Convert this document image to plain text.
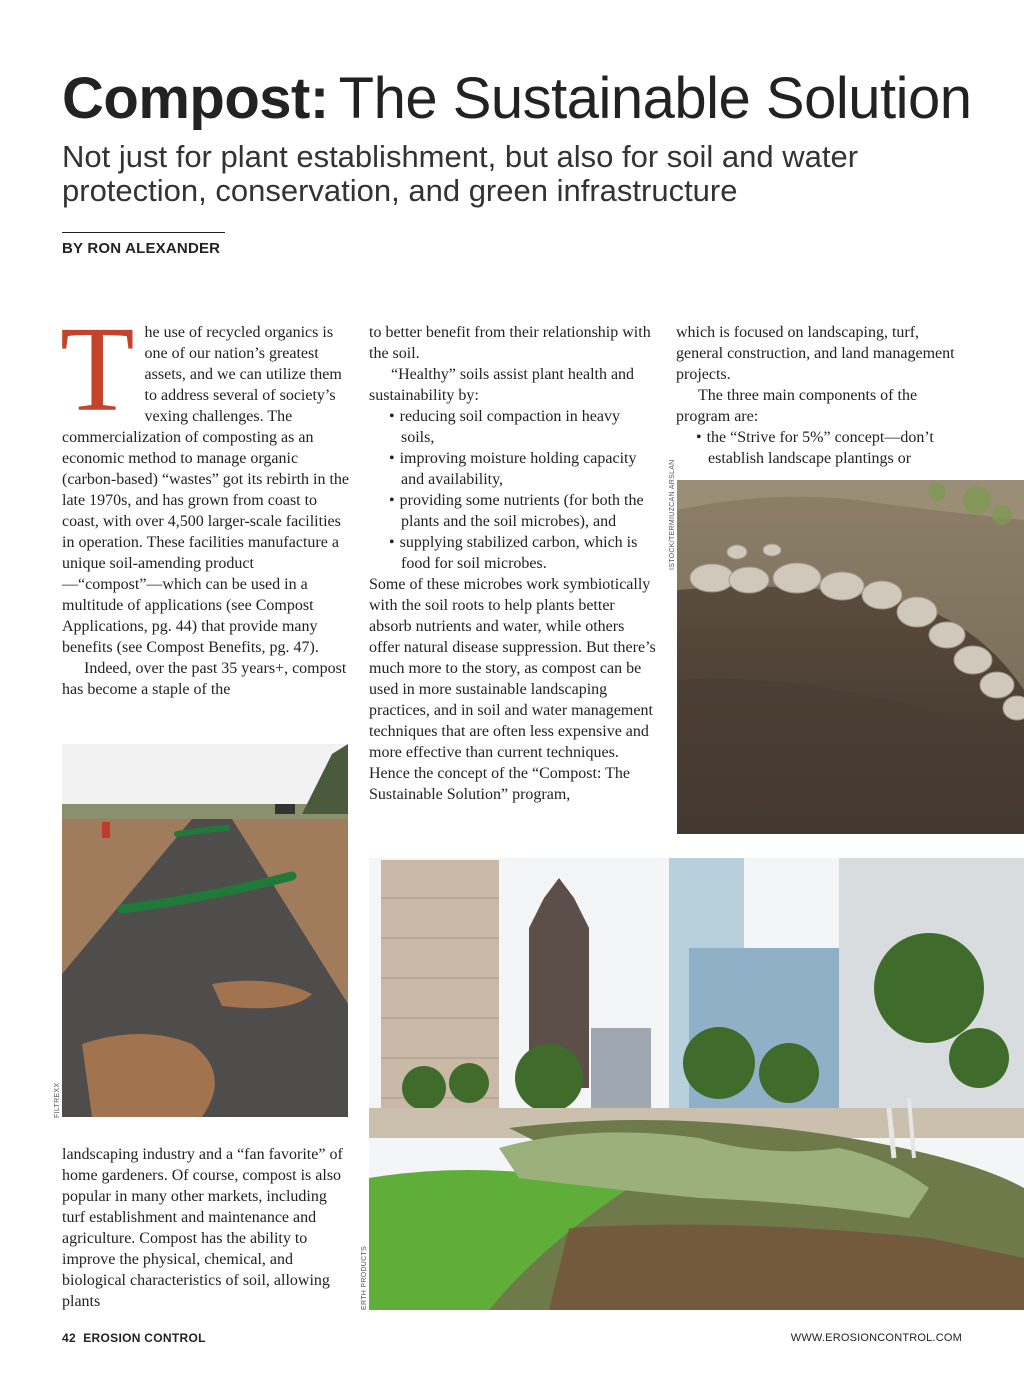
Compost: The Sustainable Solution
Not just for plant establishment, but also for soil and water protection, conservation, and green infrastructure
BY RON ALEXANDER
T he use of recycled organics is one of our nation’s greatest assets, and we can utilize them to address several of society’s vexing challenges. The commercialization of composting as an economic method to manage organic (carbon-based) “wastes” got its rebirth in the late 1970s, and has grown from coast to coast, with over 4,500 larger-scale facilities in operation. These facilities manufacture a unique soil-amending product —“compost”—which can be used in a multitude of applications (see Compost Applications, pg. 44) that provide many benefits (see Compost Benefits, pg. 47).

Indeed, over the past 35 years+, compost has become a staple of the

landscaping industry and a “fan favorite” of home gardeners. Of course, compost is also popular in many other markets, including turf establishment and maintenance and agriculture. Compost has the ability to improve the physical, chemical, and biological characteristics of soil, allowing plants

to better benefit from their relationship with the soil.

“Healthy” soils assist plant health and sustainability by:

• reducing soil compaction in heavy soils,
• improving moisture holding capacity and availability,
• providing some nutrients (for both the plants and the soil microbes), and
• supplying stabilized carbon, which is food for soil microbes.

Some of these microbes work symbiotically with the soil roots to help plants better absorb nutrients and water, while others offer natural disease suppression. But there’s much more to the story, as compost can be used in more sustainable landscaping practices, and in soil and water management techniques that are often less expensive and more effective than current techniques. Hence the concept of the “Compost: The Sustainable Solution” program,

which is focused on landscaping, turf, general construction, and land management projects.

The three main components of the program are:

• the “Strive for 5%” concept—don’t establish landscape plantings or
ISTOCK/TERMIUZCAN ARSLAN
FILTREXX
ERTH PRODUCTS
42 EROSION CONTROL	WWW.EROSIONCONTROL.COM
